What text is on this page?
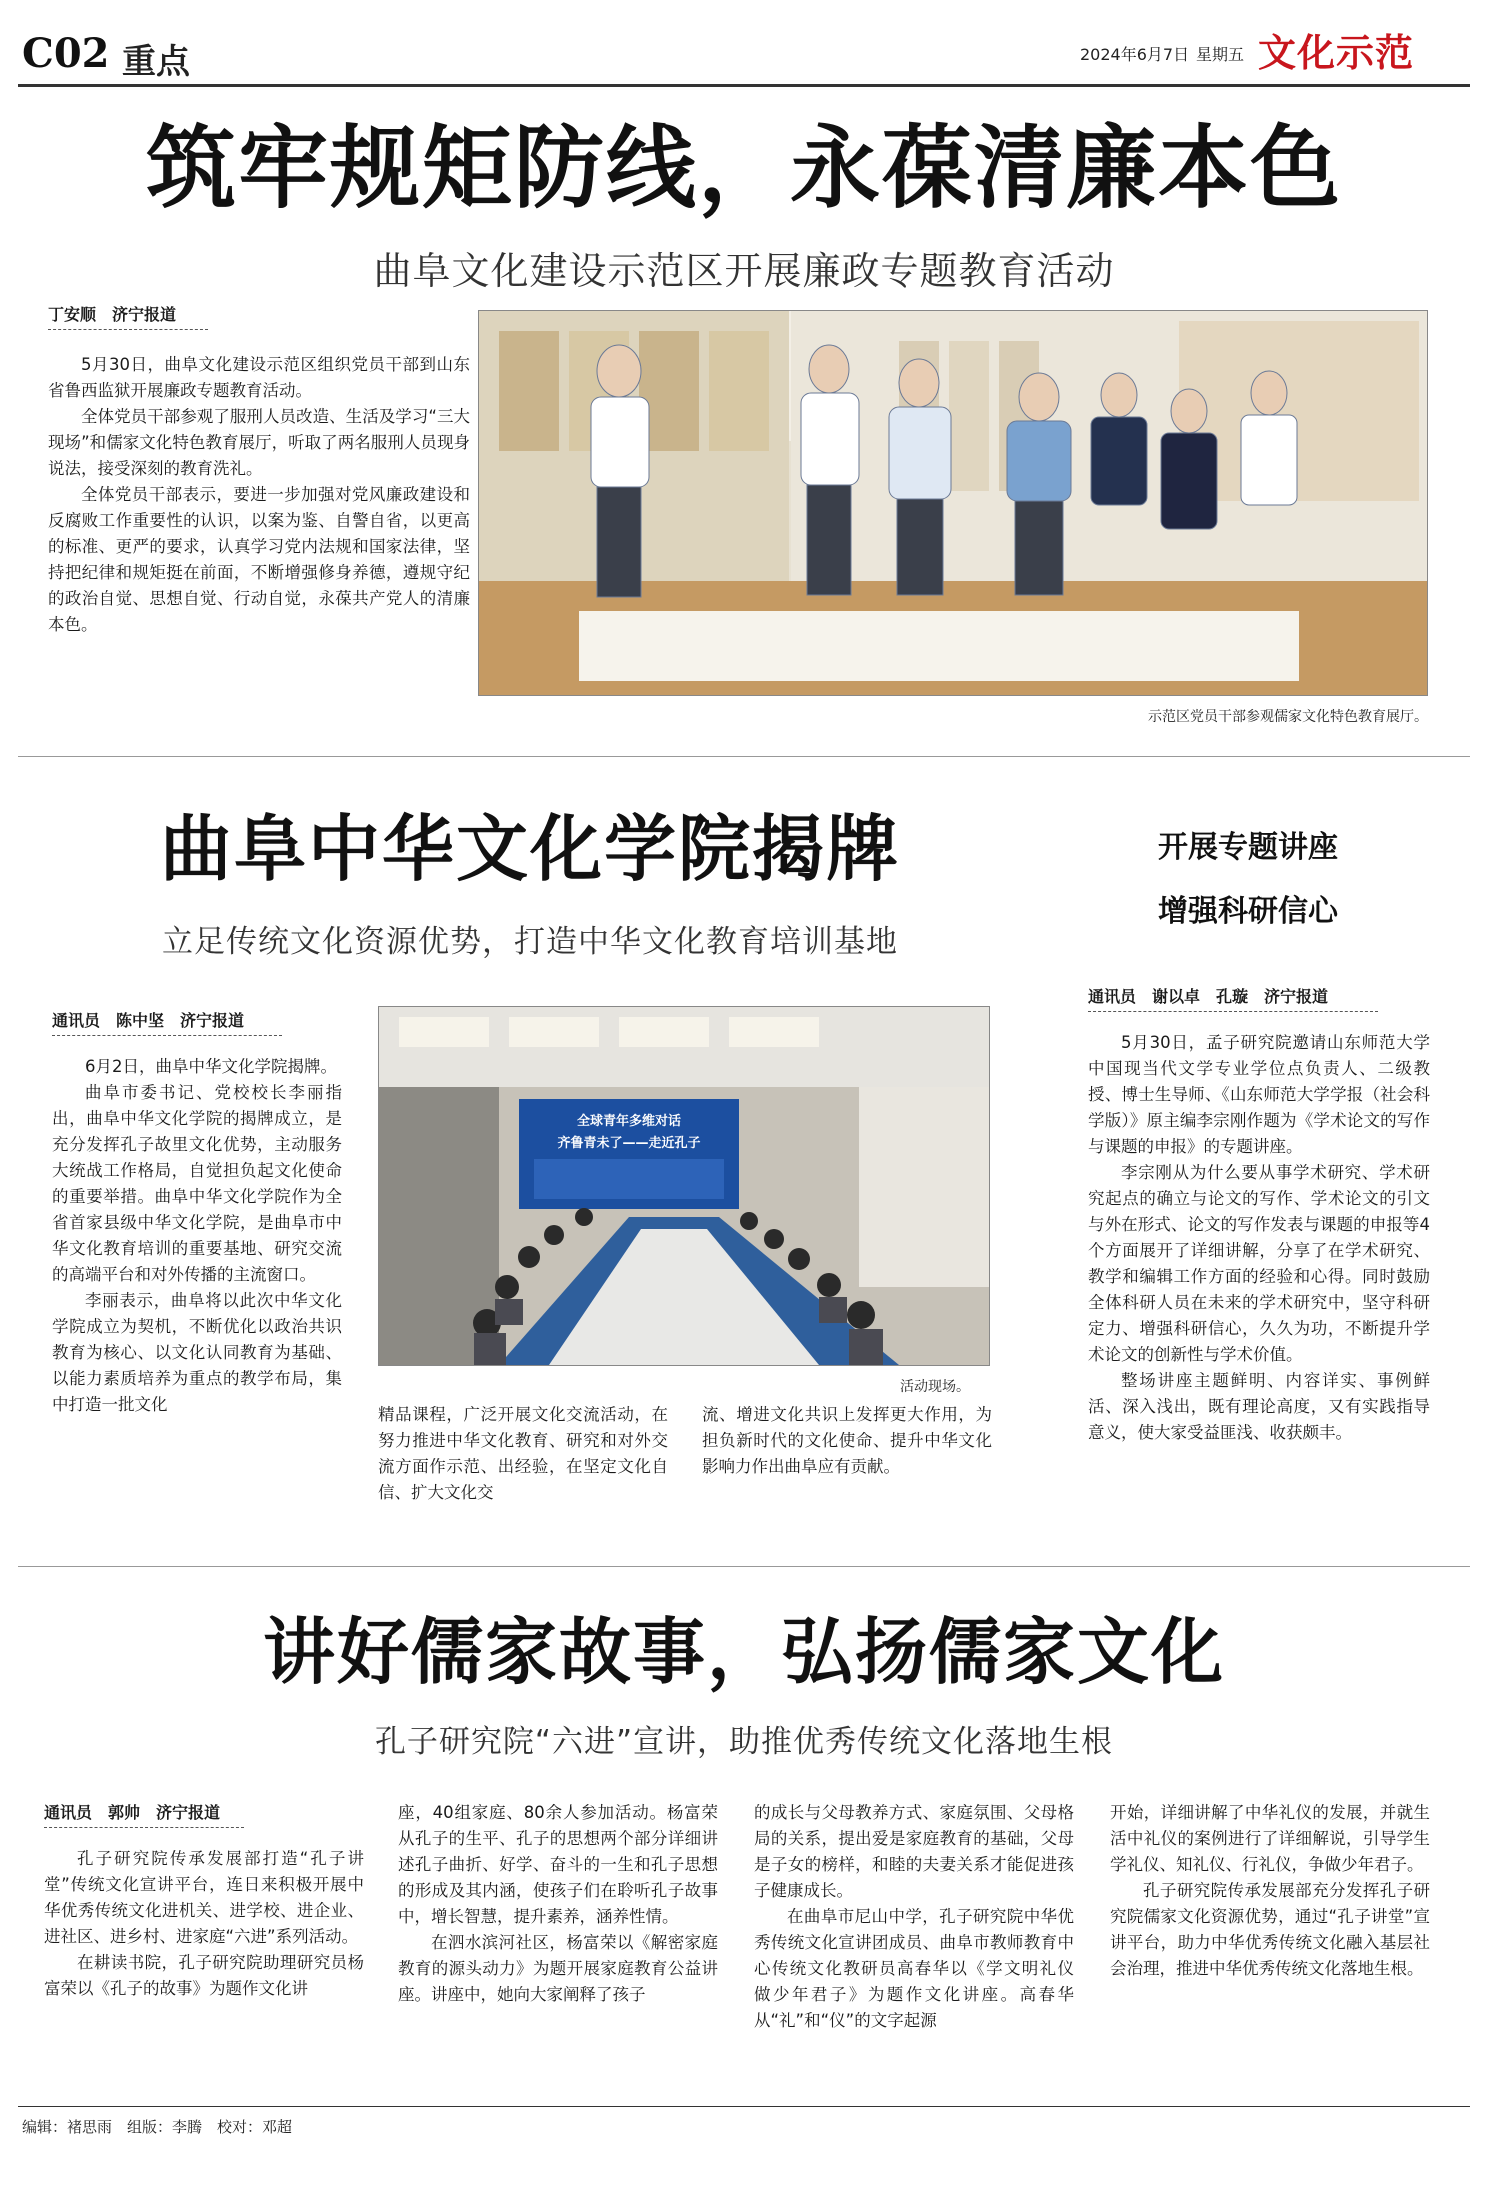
C02 重点	2024年6月7日 星期五 文化示范
筑牢规矩防线，永葆清廉本色
曲阜文化建设示范区开展廉政专题教育活动
丁安顺　济宁报道

5月30日，曲阜文化建设示范区组织党员干部到山东省鲁西监狱开展廉政专题教育活动。

全体党员干部参观了服刑人员改造、生活及学习“三大现场”和儒家文化特色教育展厅，听取了两名服刑人员现身说法，接受深刻的教育洗礼。

全体党员干部表示，要进一步加强对党风廉政建设和反腐败工作重要性的认识，以案为鉴、自警自省，以更高的标准、更严的要求，认真学习党内法规和国家法律，坚持把纪律和规矩挺在前面，不断增强修身养德，遵规守纪的政治自觉、思想自觉、行动自觉，永葆共产党人的清廉本色。

示范区党员干部参观儒家文化特色教育展厅。
曲阜中华文化学院揭牌
立足传统文化资源优势，打造中华文化教育培训基地
通讯员　陈中坚　济宁报道

6月2日，曲阜中华文化学院揭牌。

曲阜市委书记、党校校长李丽指出，曲阜中华文化学院的揭牌成立，是充分发挥孔子故里文化优势，主动服务大统战工作格局，自觉担负起文化使命的重要举措。曲阜中华文化学院作为全省首家县级中华文化学院，是曲阜市中华文化教育培训的重要基地、研究交流的高端平台和对外传播的主流窗口。

李丽表示，曲阜将以此次中华文化学院成立为契机，不断优化以政治共识教育为核心、以文化认同教育为基础、以能力素质培养为重点的教学布局，集中打造一批文化

全球青年多维对话
齐鲁青未了——走近孔子
活动现场。

精品课程，广泛开展文化交流活动，在努力推进中华文化教育、研究和对外交流方面作示范、出经验，在坚定文化自信、扩大文化交

流、增进文化共识上发挥更大作用，为担负新时代的文化使命、提升中华文化影响力作出曲阜应有贡献。

开展专题讲座
增强科研信心
通讯员　谢以卓　孔璇　济宁报道

5月30日，孟子研究院邀请山东师范大学中国现当代文学专业学位点负责人、二级教授、博士生导师、《山东师范大学学报（社会科学版）》原主编李宗刚作题为《学术论文的写作与课题的申报》的专题讲座。

李宗刚从为什么要从事学术研究、学术研究起点的确立与论文的写作、学术论文的引文与外在形式、论文的写作发表与课题的申报等4个方面展开了详细讲解，分享了在学术研究、教学和编辑工作方面的经验和心得。同时鼓励全体科研人员在未来的学术研究中，坚守科研定力、增强科研信心，久久为功，不断提升学术论文的创新性与学术价值。

整场讲座主题鲜明、内容详实、事例鲜活、深入浅出，既有理论高度，又有实践指导意义，使大家受益匪浅、收获颇丰。

讲好儒家故事，弘扬儒家文化
孔子研究院“六进”宣讲，助推优秀传统文化落地生根
通讯员　郭帅　济宁报道

孔子研究院传承发展部打造“孔子讲堂”传统文化宣讲平台，连日来积极开展中华优秀传统文化进机关、进学校、进企业、进社区、进乡村、进家庭“六进”系列活动。

在耕读书院，孔子研究院助理研究员杨富荣以《孔子的故事》为题作文化讲

座，40组家庭、80余人参加活动。杨富荣从孔子的生平、孔子的思想两个部分详细讲述孔子曲折、好学、奋斗的一生和孔子思想的形成及其内涵，使孩子们在聆听孔子故事中，增长智慧，提升素养，涵养性情。

在泗水滨河社区，杨富荣以《解密家庭教育的源头动力》为题开展家庭教育公益讲座。讲座中，她向大家阐释了孩子

的成长与父母教养方式、家庭氛围、父母格局的关系，提出爱是家庭教育的基础，父母是子女的榜样，和睦的夫妻关系才能促进孩子健康成长。

在曲阜市尼山中学，孔子研究院中华优秀传统文化宣讲团成员、曲阜市教师教育中心传统文化教研员高春华以《学文明礼仪　做少年君子》为题作文化讲座。高春华从“礼”和“仪”的文字起源

开始，详细讲解了中华礼仪的发展，并就生活中礼仪的案例进行了详细解说，引导学生学礼仪、知礼仪、行礼仪，争做少年君子。

孔子研究院传承发展部充分发挥孔子研究院儒家文化资源优势，通过“孔子讲堂”宣讲平台，助力中华优秀传统文化融入基层社会治理，推进中华优秀传统文化落地生根。

编辑：褚思雨　组版：李腾　校对：邓超
